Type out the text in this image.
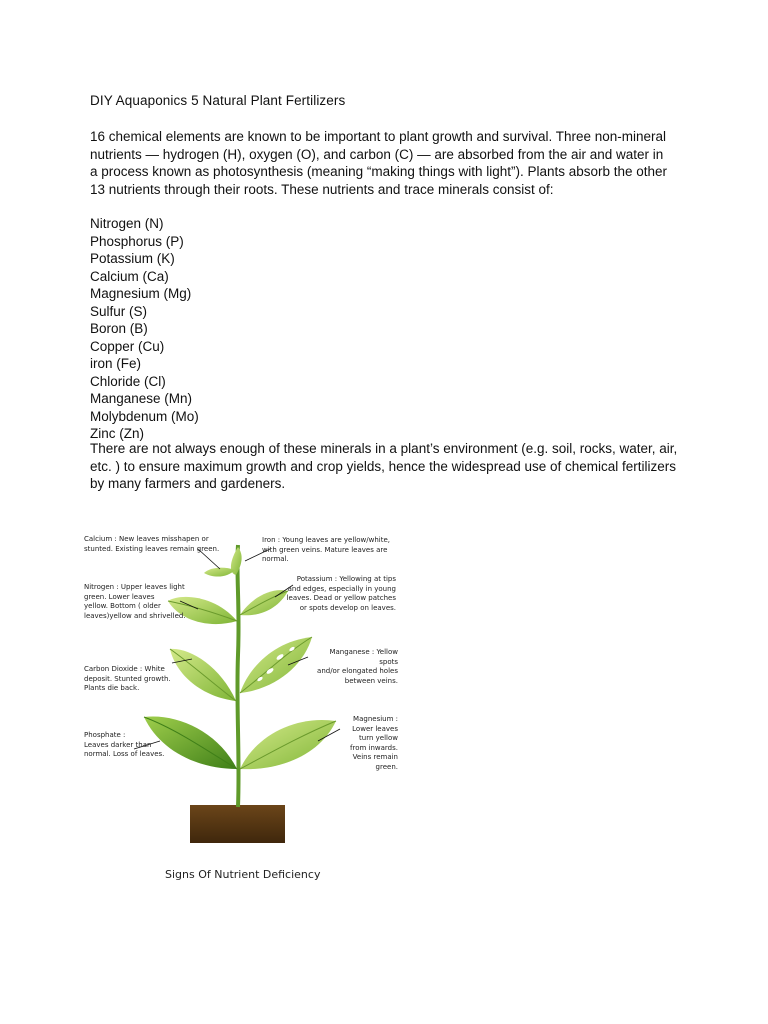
DIY Aquaponics 5 Natural Plant Fertilizers

16 chemical elements are known to be important to plant growth and survival. Three non-mineral nutrients — hydrogen (H), oxygen (O), and carbon (C) — are absorbed from the air and water in a process known as photosynthesis (meaning “making things with light”). Plants absorb the other 13 nutrients through their roots. These nutrients and trace minerals consist of:

Nitrogen (N)
Phosphorus (P)
Potassium (K)
Calcium (Ca)
Magnesium (Mg)
Sulfur (S)
Boron (B)
Copper (Cu)
iron (Fe)
Chloride (Cl)
Manganese (Mn)
Molybdenum (Mo)
Zinc (Zn)

There are not always enough of these minerals in a plant’s environment (e.g. soil, rocks, water, air, etc. ) to ensure maximum growth and crop yields, hence the widespread use of chemical fertilizers by many farmers and gardeners.

Calcium : New leaves misshapen or
stunted. Existing leaves remain green.
Iron : Young leaves are yellow/white,
with green veins. Mature leaves are normal.
Nitrogen : Upper leaves light
green. Lower leaves
yellow. Bottom ( older
leaves)yellow and shrivelled.
Potassium : Yellowing at tips
and edges, especially in young
leaves. Dead or yellow patches
or spots develop on leaves.
Carbon Dioxide : White
deposit. Stunted growth.
Plants die back.
Manganese : Yellow spots
and/or elongated holes
between veins.
Phosphate :
Leaves darker than
normal. Loss of leaves.
Magnesium :
Lower leaves
turn yellow
from inwards.
Veins remain green.
Signs Of Nutrient Deficiency
